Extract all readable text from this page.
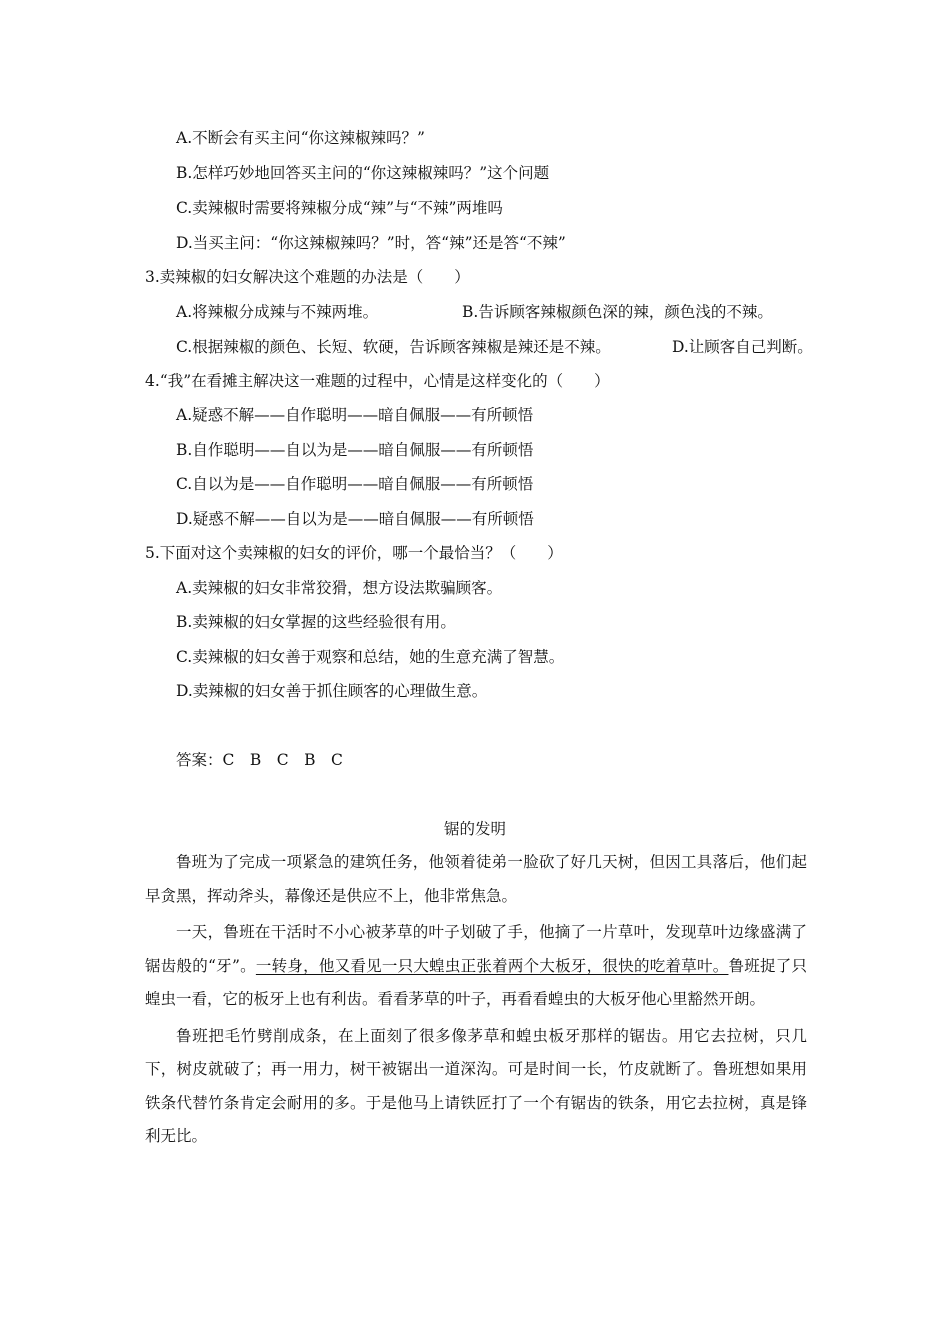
A.不断会有买主问“你这辣椒辣吗？”
B.怎样巧妙地回答买主问的“你这辣椒辣吗？”这个问题
C.卖辣椒时需要将辣椒分成“辣”与“不辣”两堆吗
D.当买主问：“你这辣椒辣吗？”时，答“辣”还是答“不辣”
3.卖辣椒的妇女解决这个难题的办法是（　　）
A.将辣椒分成辣与不辣两堆。	B.告诉顾客辣椒颜色深的辣，颜色浅的不辣。
C.根据辣椒的颜色、长短、软硬，告诉顾客辣椒是辣还是不辣。	D.让顾客自己判断。
4.“我”在看摊主解决这一难题的过程中，心情是这样变化的（　　）
A.疑惑不解——自作聪明——暗自佩服——有所顿悟
B.自作聪明——自以为是——暗自佩服——有所顿悟
C.自以为是——自作聪明——暗自佩服——有所顿悟
D.疑惑不解——自以为是——暗自佩服——有所顿悟
5.下面对这个卖辣椒的妇女的评价，哪一个最恰当？（　　）
A.卖辣椒的妇女非常狡猾，想方设法欺骗顾客。
B.卖辣椒的妇女掌握的这些经验很有用。
C.卖辣椒的妇女善于观察和总结，她的生意充满了智慧。
D.卖辣椒的妇女善于抓住顾客的心理做生意。
答案：C　B　C　B　C
锯的发明

鲁班为了完成一项紧急的建筑任务，他领着徒弟一脸砍了好几天树，但因工具落后，他们起早贪黑，挥动斧头，幕像还是供应不上，他非常焦急。

一天，鲁班在干活时不小心被茅草的叶子划破了手，他摘了一片草叶，发现草叶边缘盛满了锯齿般的“牙”。一转身，他又看见一只大蝗虫正张着两个大板牙，很快的吃着草叶。鲁班捉了只蝗虫一看，它的板牙上也有利齿。看看茅草的叶子，再看看蝗虫的大板牙他心里豁然开朗。

鲁班把毛竹劈削成条，在上面刻了很多像茅草和蝗虫板牙那样的锯齿。用它去拉树，只几下，树皮就破了；再一用力，树干被锯出一道深沟。可是时间一长，竹皮就断了。鲁班想如果用铁条代替竹条肯定会耐用的多。于是他马上请铁匠打了一个有锯齿的铁条，用它去拉树，真是锋利无比。
